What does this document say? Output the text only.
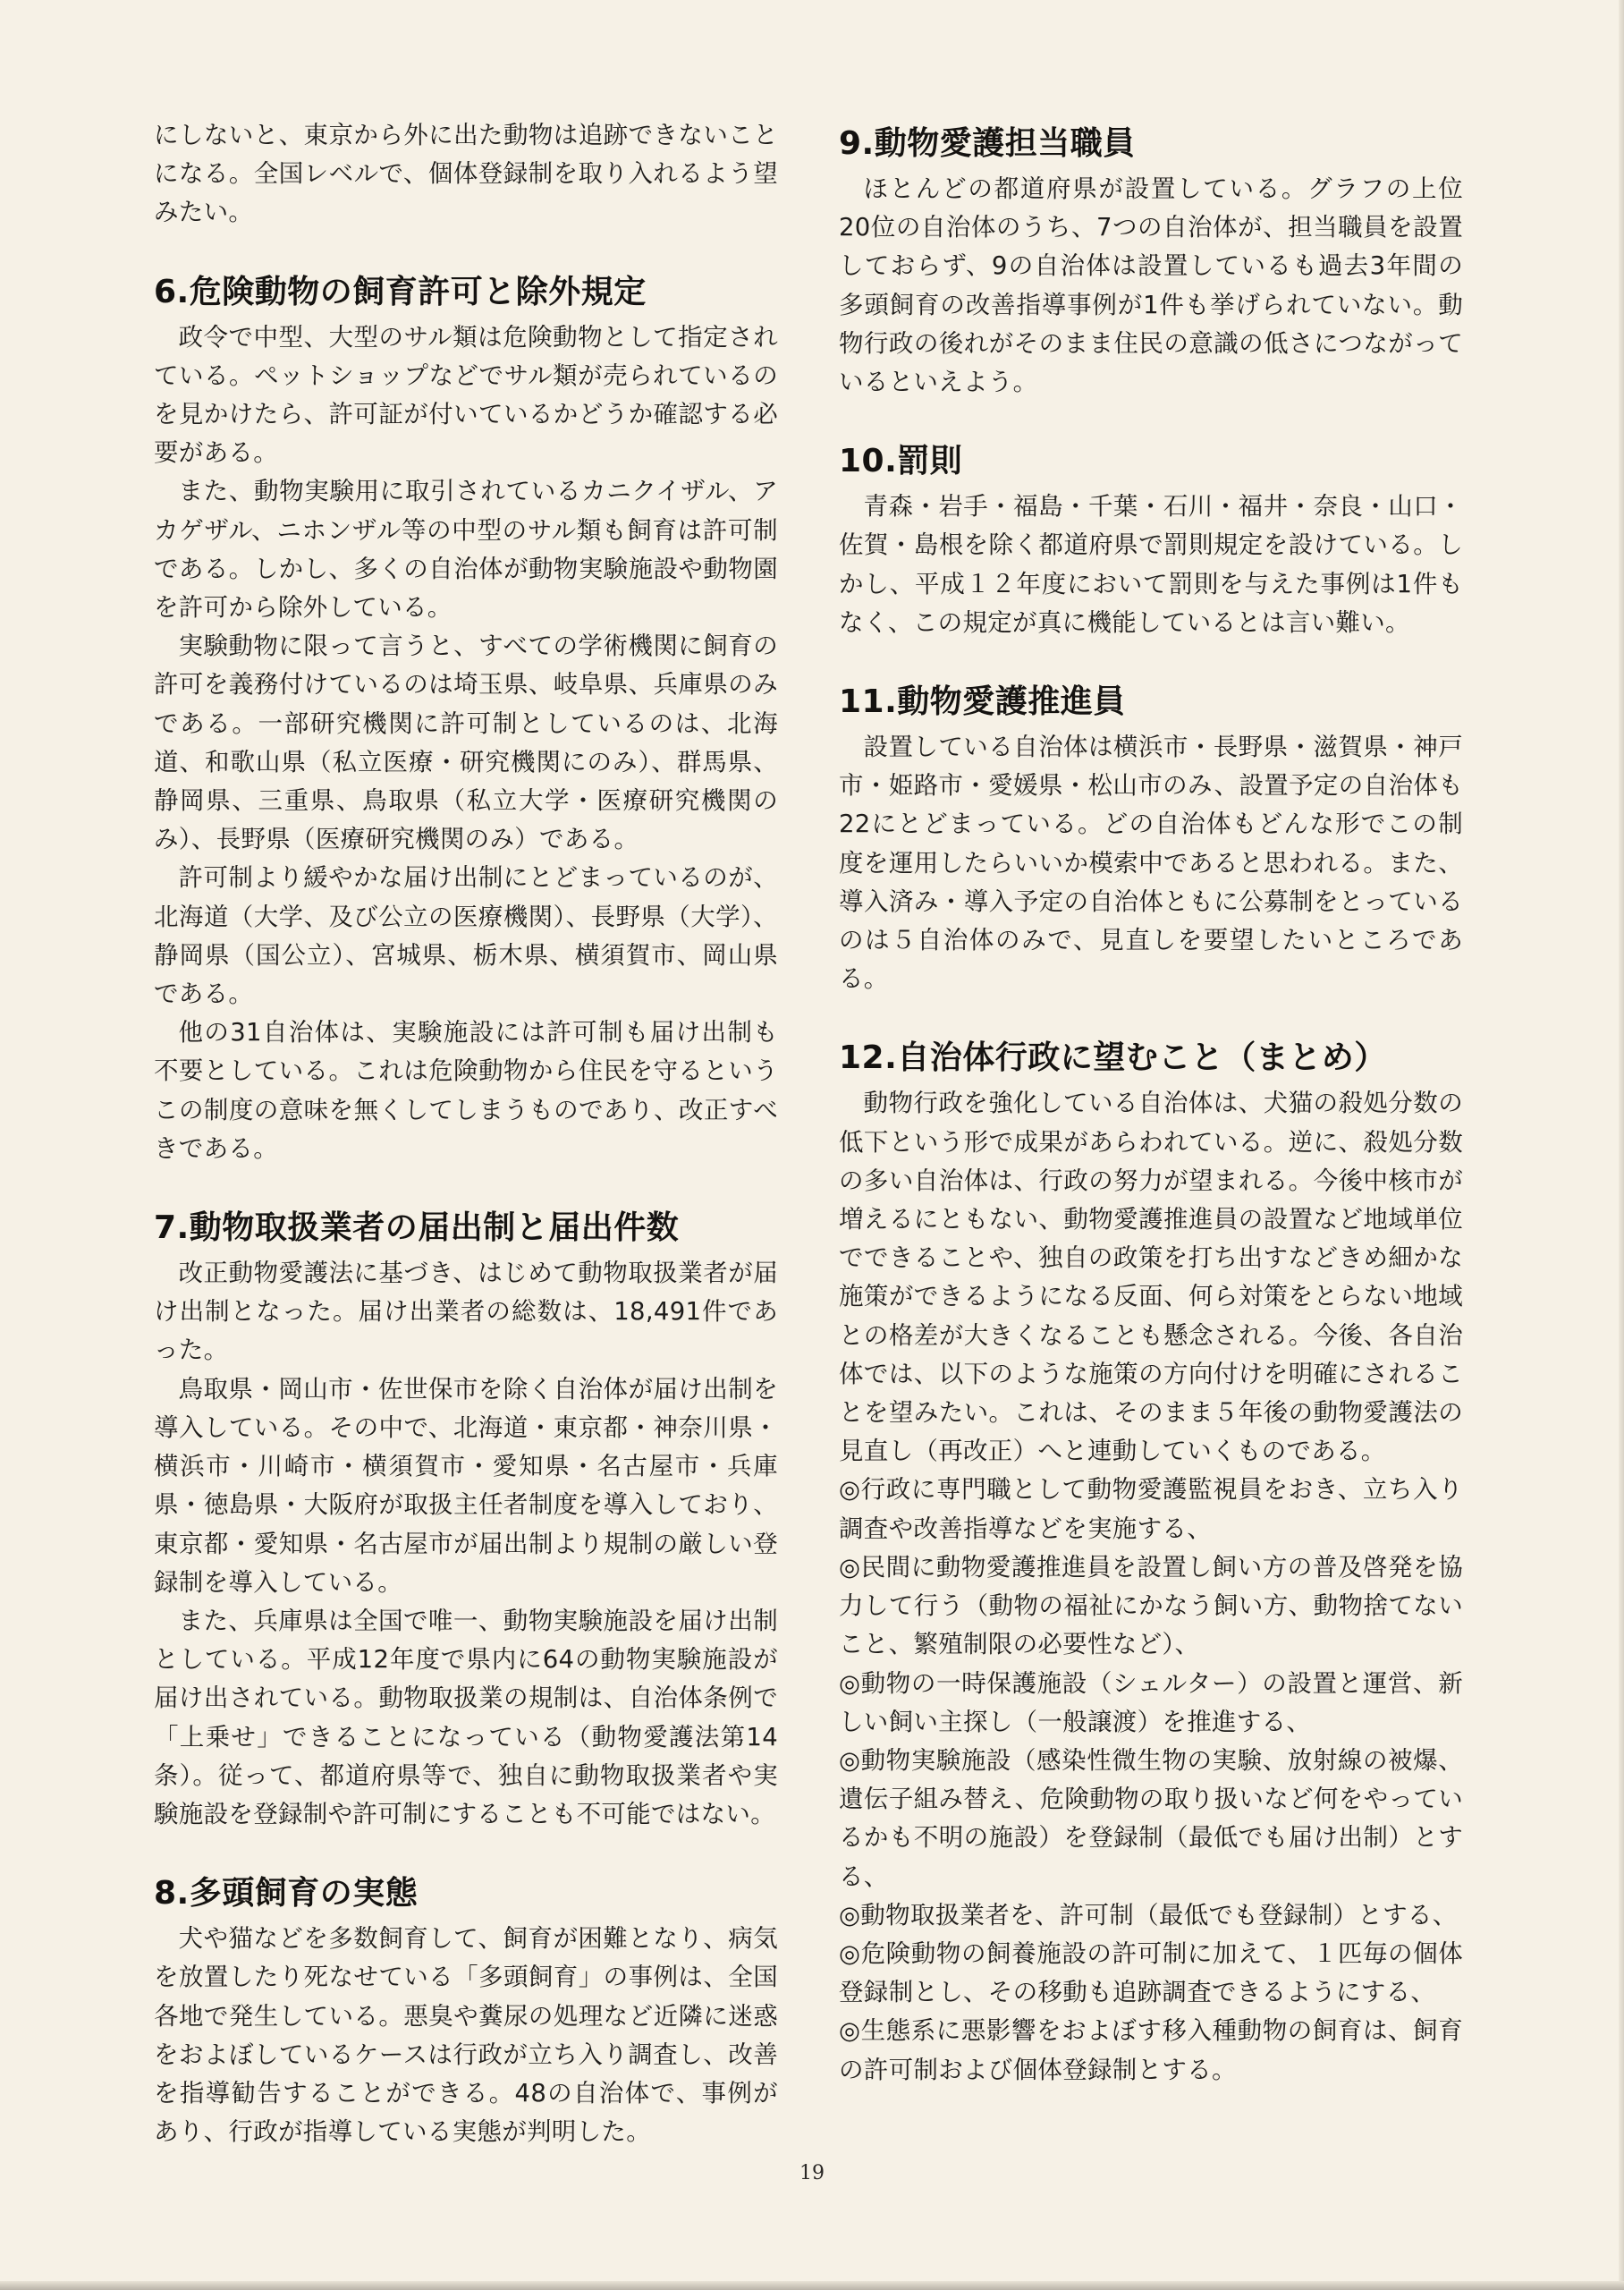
にしないと、東京から外に出た動物は追跡できないことになる。全国レベルで、個体登録制を取り入れるよう望みたい。

6.危険動物の飼育許可と除外規定

政令で中型、大型のサル類は危険動物として指定されている。ペットショップなどでサル類が売られているのを見かけたら、許可証が付いているかどうか確認する必要がある。

また、動物実験用に取引されているカニクイザル、アカゲザル、ニホンザル等の中型のサル類も飼育は許可制である。しかし、多くの自治体が動物実験施設や動物園を許可から除外している。

実験動物に限って言うと、すべての学術機関に飼育の許可を義務付けているのは埼玉県、岐阜県、兵庫県のみである。一部研究機関に許可制としているのは、北海道、和歌山県（私立医療・研究機関にのみ）、群馬県、静岡県、三重県、鳥取県（私立大学・医療研究機関のみ）、長野県（医療研究機関のみ）である。

許可制より緩やかな届け出制にとどまっているのが、北海道（大学、及び公立の医療機関）、長野県（大学）、静岡県（国公立）、宮城県、栃木県、横須賀市、岡山県である。

他の31自治体は、実験施設には許可制も届け出制も不要としている。これは危険動物から住民を守るというこの制度の意味を無くしてしまうものであり、改正すべきである。

7.動物取扱業者の届出制と届出件数

改正動物愛護法に基づき、はじめて動物取扱業者が届け出制となった。届け出業者の総数は、18,491件であった。

鳥取県・岡山市・佐世保市を除く自治体が届け出制を導入している。その中で、北海道・東京都・神奈川県・横浜市・川崎市・横須賀市・愛知県・名古屋市・兵庫県・徳島県・大阪府が取扱主任者制度を導入しており、東京都・愛知県・名古屋市が届出制より規制の厳しい登録制を導入している。

また、兵庫県は全国で唯一、動物実験施設を届け出制としている。平成12年度で県内に64の動物実験施設が届け出されている。動物取扱業の規制は、自治体条例で「上乗せ」できることになっている（動物愛護法第14条）。従って、都道府県等で、独自に動物取扱業者や実験施設を登録制や許可制にすることも不可能ではない。

8.多頭飼育の実態

犬や猫などを多数飼育して、飼育が困難となり、病気を放置したり死なせている「多頭飼育」の事例は、全国各地で発生している。悪臭や糞尿の処理など近隣に迷惑をおよぼしているケースは行政が立ち入り調査し、改善を指導勧告することができる。48の自治体で、事例があり、行政が指導している実態が判明した。

9.動物愛護担当職員

ほとんどの都道府県が設置している。グラフの上位20位の自治体のうち、7つの自治体が、担当職員を設置しておらず、9の自治体は設置しているも過去3年間の多頭飼育の改善指導事例が1件も挙げられていない。動物行政の後れがそのまま住民の意識の低さにつながっているといえよう。

10.罰則

青森・岩手・福島・千葉・石川・福井・奈良・山口・佐賀・島根を除く都道府県で罰則規定を設けている。しかし、平成１２年度において罰則を与えた事例は1件もなく、この規定が真に機能しているとは言い難い。

11.動物愛護推進員

設置している自治体は横浜市・長野県・滋賀県・神戸市・姫路市・愛媛県・松山市のみ、設置予定の自治体も22にとどまっている。どの自治体もどんな形でこの制度を運用したらいいか模索中であると思われる。また、導入済み・導入予定の自治体ともに公募制をとっているのは５自治体のみで、見直しを要望したいところである。

12.自治体行政に望むこと（まとめ）

動物行政を強化している自治体は、犬猫の殺処分数の低下という形で成果があらわれている。逆に、殺処分数の多い自治体は、行政の努力が望まれる。今後中核市が増えるにともない、動物愛護推進員の設置など地域単位でできることや、独自の政策を打ち出すなどきめ細かな施策ができるようになる反面、何ら対策をとらない地域との格差が大きくなることも懸念される。今後、各自治体では、以下のような施策の方向付けを明確にされることを望みたい。これは、そのまま５年後の動物愛護法の見直し（再改正）へと連動していくものである。

◎行政に専門職として動物愛護監視員をおき、立ち入り調査や改善指導などを実施する、

◎民間に動物愛護推進員を設置し飼い方の普及啓発を協力して行う（動物の福祉にかなう飼い方、動物捨てないこと、繁殖制限の必要性など）、

◎動物の一時保護施設（シェルター）の設置と運営、新しい飼い主探し（一般譲渡）を推進する、

◎動物実験施設（感染性微生物の実験、放射線の被爆、遺伝子組み替え、危険動物の取り扱いなど何をやっているかも不明の施設）を登録制（最低でも届け出制）とする、

◎動物取扱業者を、許可制（最低でも登録制）とする、

◎危険動物の飼養施設の許可制に加えて、１匹毎の個体登録制とし、その移動も追跡調査できるようにする、

◎生態系に悪影響をおよぼす移入種動物の飼育は、飼育の許可制および個体登録制とする。

19
